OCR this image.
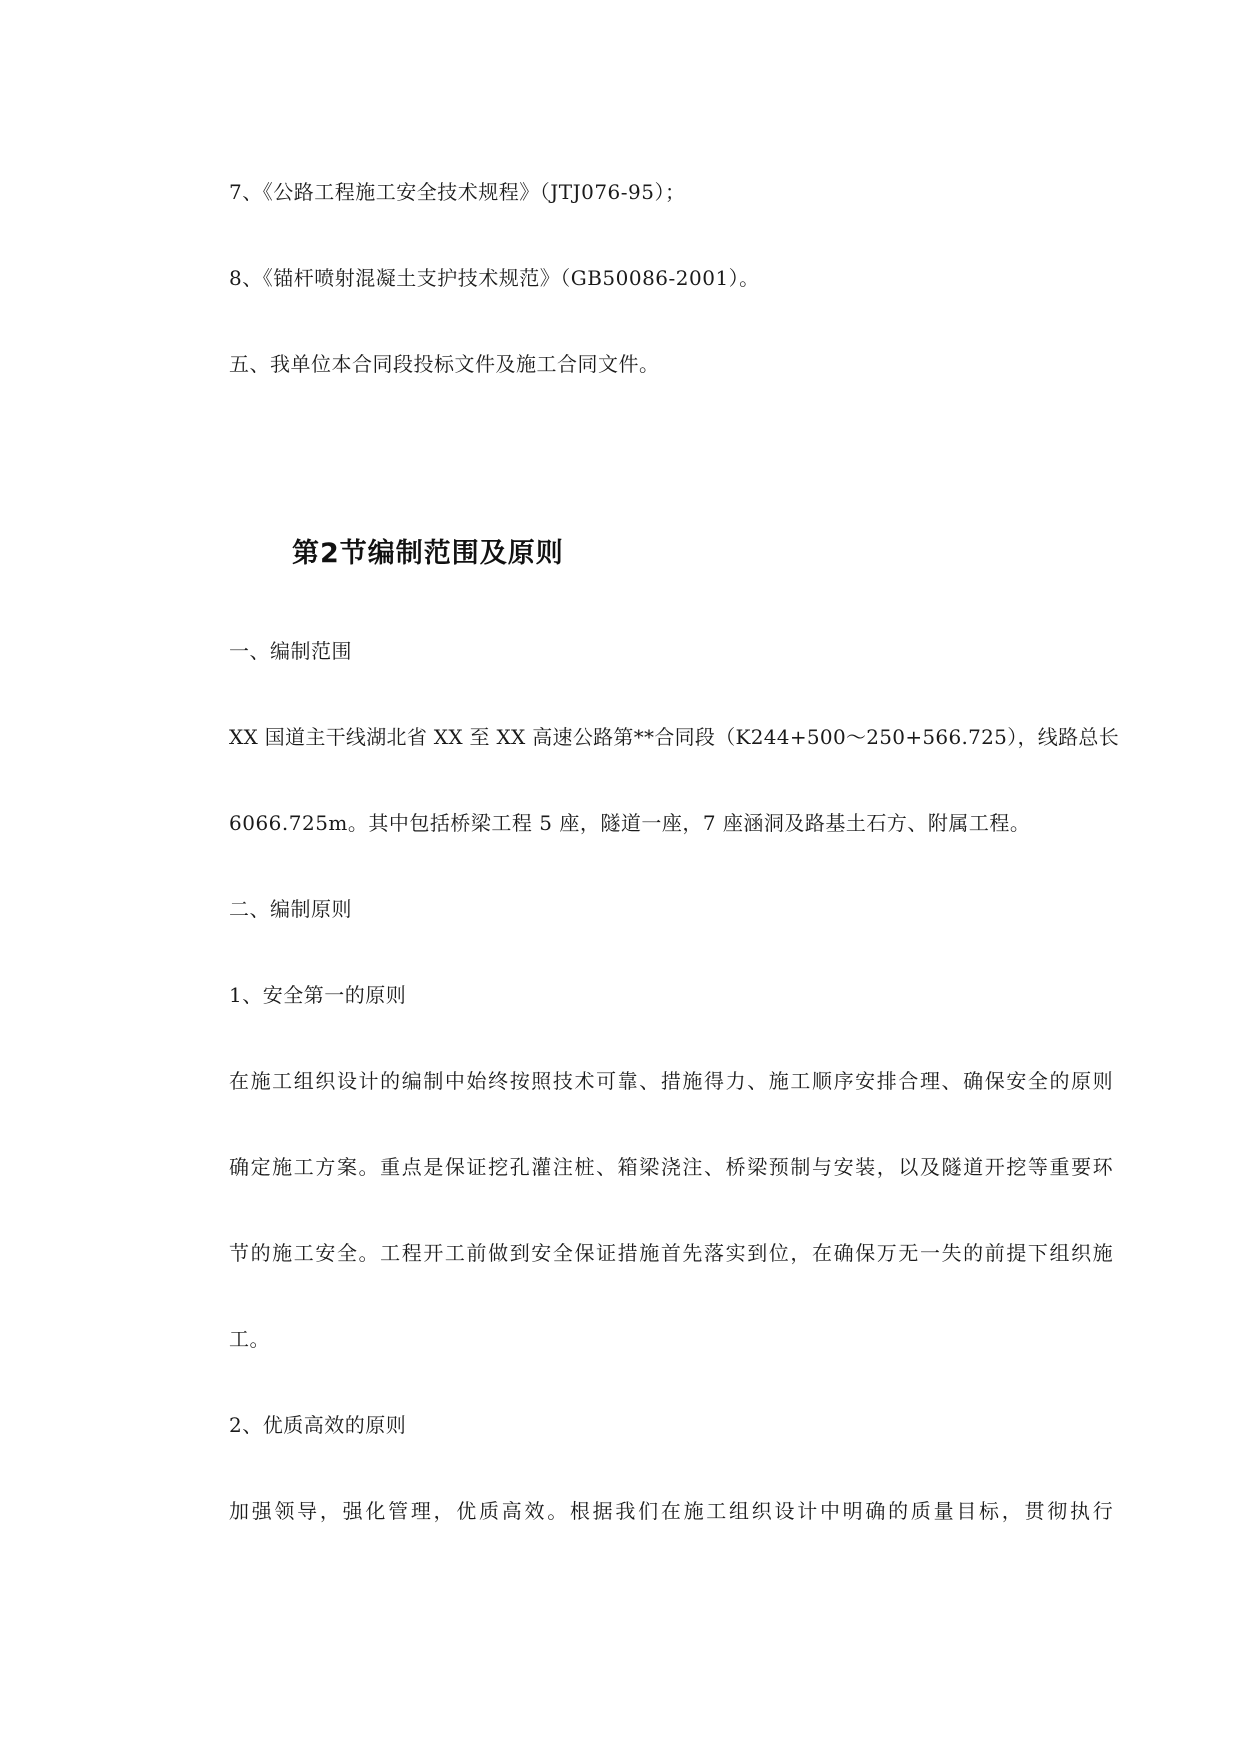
7、《公路工程施工安全技术规程》（JTJ076-95）；
8、《锚杆喷射混凝土支护技术规范》（GB50086-2001）。
五、我单位本合同段投标文件及施工合同文件。
第2节编制范围及原则
一、编制范围
XX 国道主干线湖北省 XX 至 XX 高速公路第**合同段（K244+500～250+566.725），线路总长
6066.725m。其中包括桥梁工程 5 座，隧道一座，7 座涵洞及路基土石方、附属工程。
二、编制原则
1、安全第一的原则
在施工组织设计的编制中始终按照技术可靠、措施得力、施工顺序安排合理、确保安全的原则
确定施工方案。重点是保证挖孔灌注桩、箱梁浇注、桥梁预制与安装，以及隧道开挖等重要环
节的施工安全。工程开工前做到安全保证措施首先落实到位，在确保万无一失的前提下组织施
工。
2、优质高效的原则
加强领导，强化管理，优质高效。根据我们在施工组织设计中明确的质量目标，贯彻执行
